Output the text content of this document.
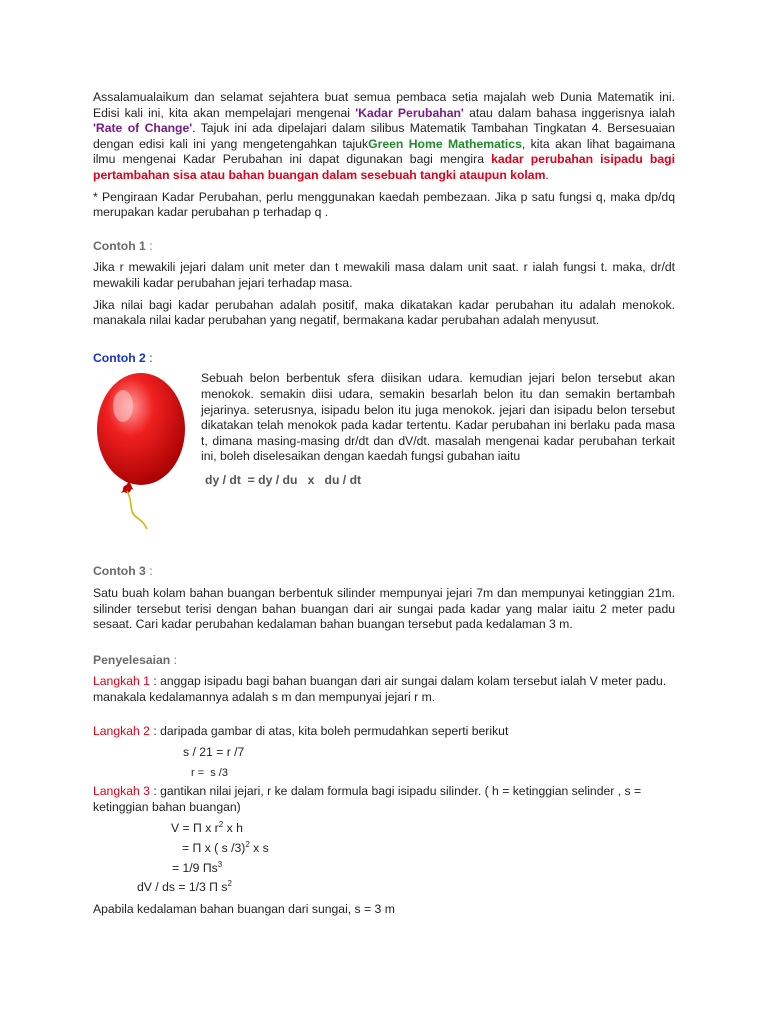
Assalamualaikum dan selamat sejahtera buat semua pembaca setia majalah web Dunia Matematik ini. Edisi kali ini, kita akan mempelajari mengenai 'Kadar Perubahan' atau dalam bahasa inggerisnya ialah 'Rate of Change'. Tajuk ini ada dipelajari dalam silibus Matematik Tambahan Tingkatan 4. Bersesuaian dengan edisi kali ini yang mengetengahkan tajukGreen Home Mathematics, kita akan lihat bagaimana ilmu mengenai Kadar Perubahan ini dapat digunakan bagi mengira kadar perubahan isipadu bagi pertambahan sisa atau bahan buangan dalam sesebuah tangki ataupun kolam.

* Pengiraan Kadar Perubahan, perlu menggunakan kaedah pembezaan. Jika p satu fungsi q, maka dp/dq merupakan kadar perubahan p terhadap q .

Contoh 1 :

Jika r mewakili jejari dalam unit meter dan t mewakili masa dalam unit saat. r ialah fungsi t. maka, dr/dt mewakili kadar perubahan jejari terhadap masa.

Jika nilai bagi kadar perubahan adalah positif, maka dikatakan kadar perubahan itu adalah menokok. manakala nilai kadar perubahan yang negatif, bermakana kadar perubahan adalah menyusut.

Contoh 2 :

Sebuah belon berbentuk sfera diisikan udara. kemudian jejari belon tersebut akan menokok. semakin diisi udara, semakin besarlah belon itu dan semakin bertambah jejarinya. seterusnya, isipadu belon itu juga menokok. jejari dan isipadu belon tersebut dikatakan telah menokok pada kadar tertentu. Kadar perubahan ini berlaku pada masa t, dimana masing-masing dr/dt dan dV/dt. masalah mengenai kadar perubahan terkait ini, boleh diselesaikan dengan kaedah fungsi gubahan iaitu

dy / dt  = dy / du   x   du / dt

Contoh 3 :

Satu buah kolam bahan buangan berbentuk silinder mempunyai jejari 7m dan mempunyai ketinggian 21m. silinder tersebut terisi dengan bahan buangan dari air sungai pada kadar yang malar iaitu 2 meter padu sesaat. Cari kadar perubahan kedalaman bahan buangan tersebut pada kedalaman 3 m.

Penyelesaian :

Langkah 1 : anggap isipadu bagi bahan buangan dari air sungai dalam kolam tersebut ialah V meter padu. manakala kedalamannya adalah s m dan mempunyai jejari r m.

Langkah 2 : daripada gambar di atas, kita boleh permudahkan seperti berikut

s / 21 = r /7

r =  s /3

Langkah 3 : gantikan nilai jejari, r ke dalam formula bagi isipadu silinder. ( h = ketinggian selinder , s = ketinggian bahan buangan)

V = Π x $r^2$ x h

= Π x ( s /3)$^2$ x s

= 1/9 $\Pi s^3$

dV / ds = 1/3 Π $s^2$

Apabila kedalaman bahan buangan dari sungai, s = 3 m
